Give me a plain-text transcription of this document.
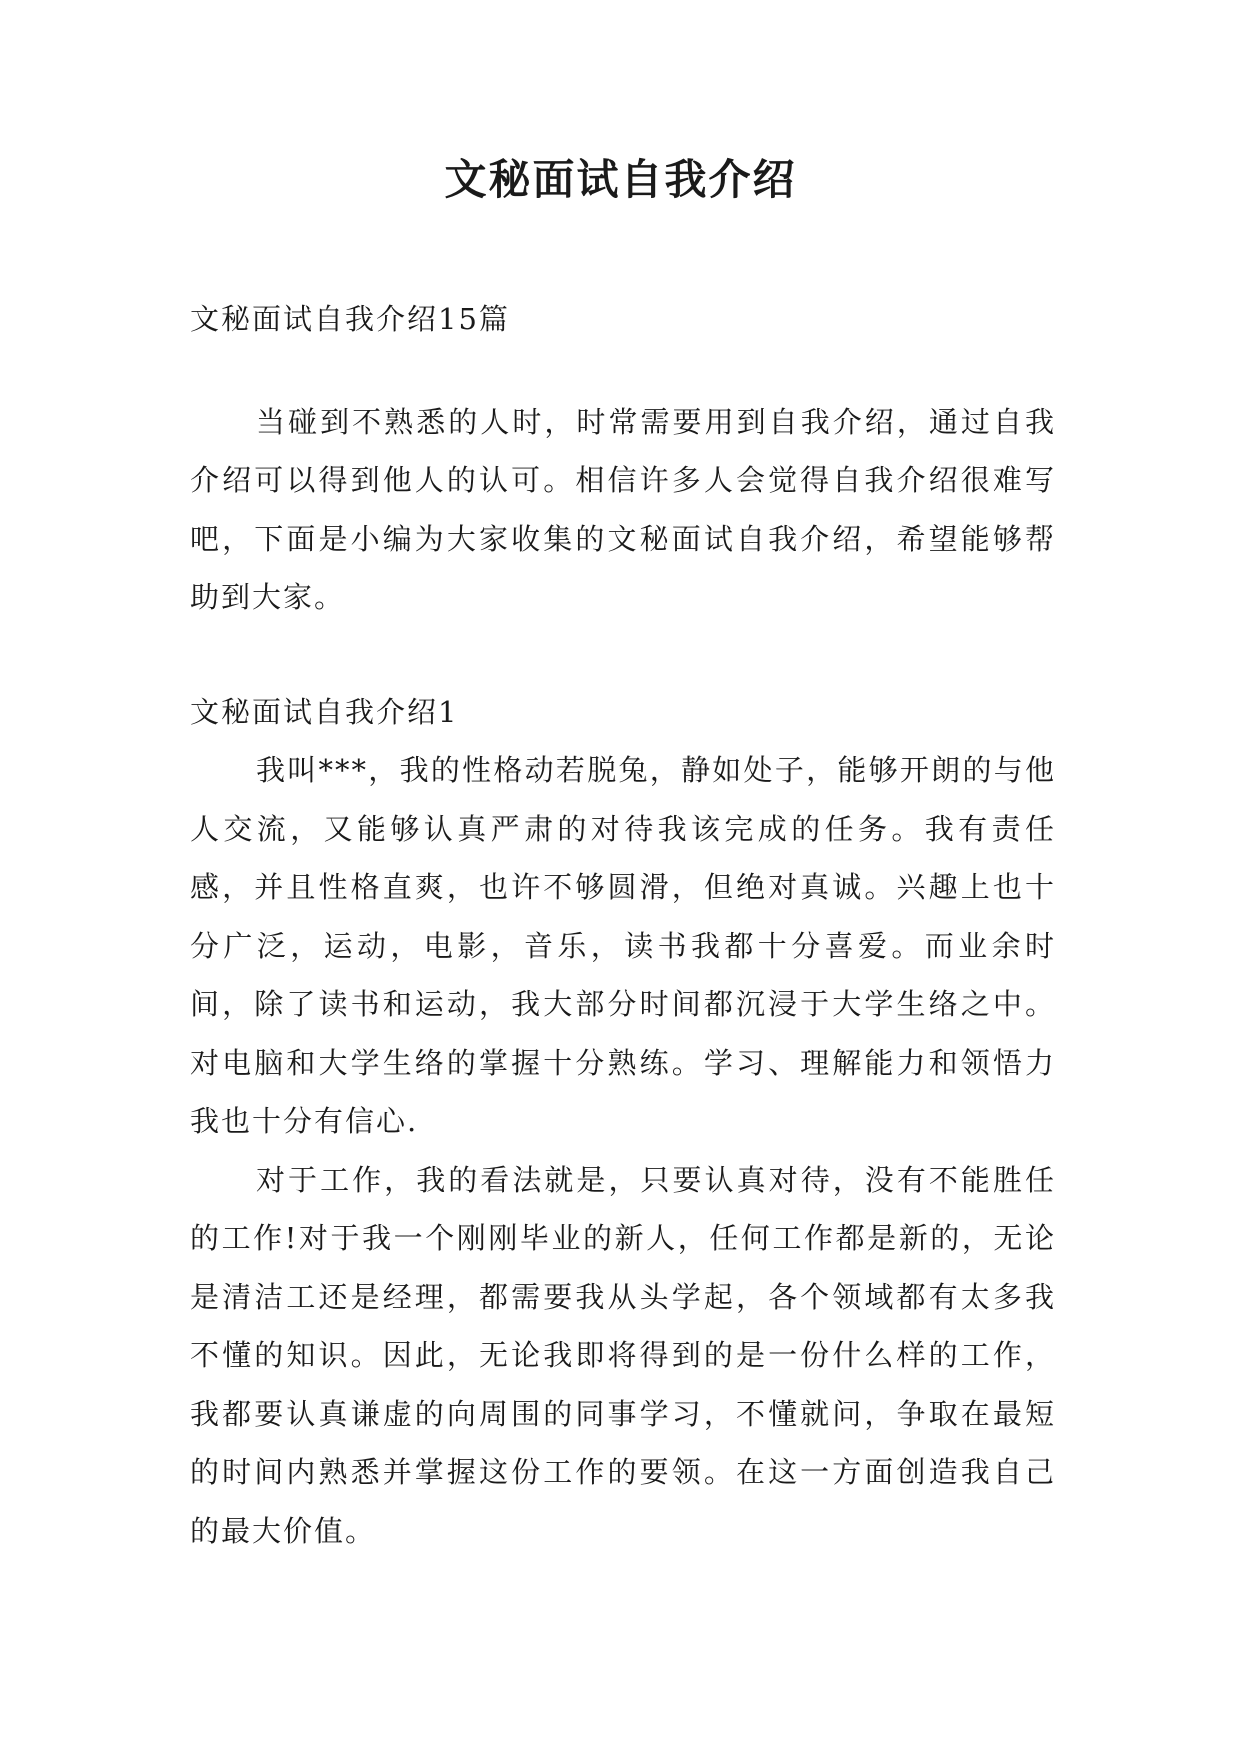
文秘面试自我介绍

文秘面试自我介绍15篇

当碰到不熟悉的人时，时常需要用到自我介绍，通过自我介绍可以得到他人的认可。相信许多人会觉得自我介绍很难写吧，下面是小编为大家收集的文秘面试自我介绍，希望能够帮助到大家。

文秘面试自我介绍1

我叫***，我的性格动若脱兔，静如处子，能够开朗的与他人交流，又能够认真严肃的对待我该完成的任务。我有责任感，并且性格直爽，也许不够圆滑，但绝对真诚。兴趣上也十分广泛，运动，电影，音乐，读书我都十分喜爱。而业余时间，除了读书和运动，我大部分时间都沉浸于大学生络之中。对电脑和大学生络的掌握十分熟练。学习、理解能力和领悟力我也十分有信心.

对于工作，我的看法就是，只要认真对待，没有不能胜任的工作!对于我一个刚刚毕业的新人，任何工作都是新的，无论是清洁工还是经理，都需要我从头学起，各个领域都有太多我不懂的知识。因此，无论我即将得到的是一份什么样的工作，我都要认真谦虚的向周围的同事学习，不懂就问，争取在最短的时间内熟悉并掌握这份工作的要领。在这一方面创造我自己的最大价值。
